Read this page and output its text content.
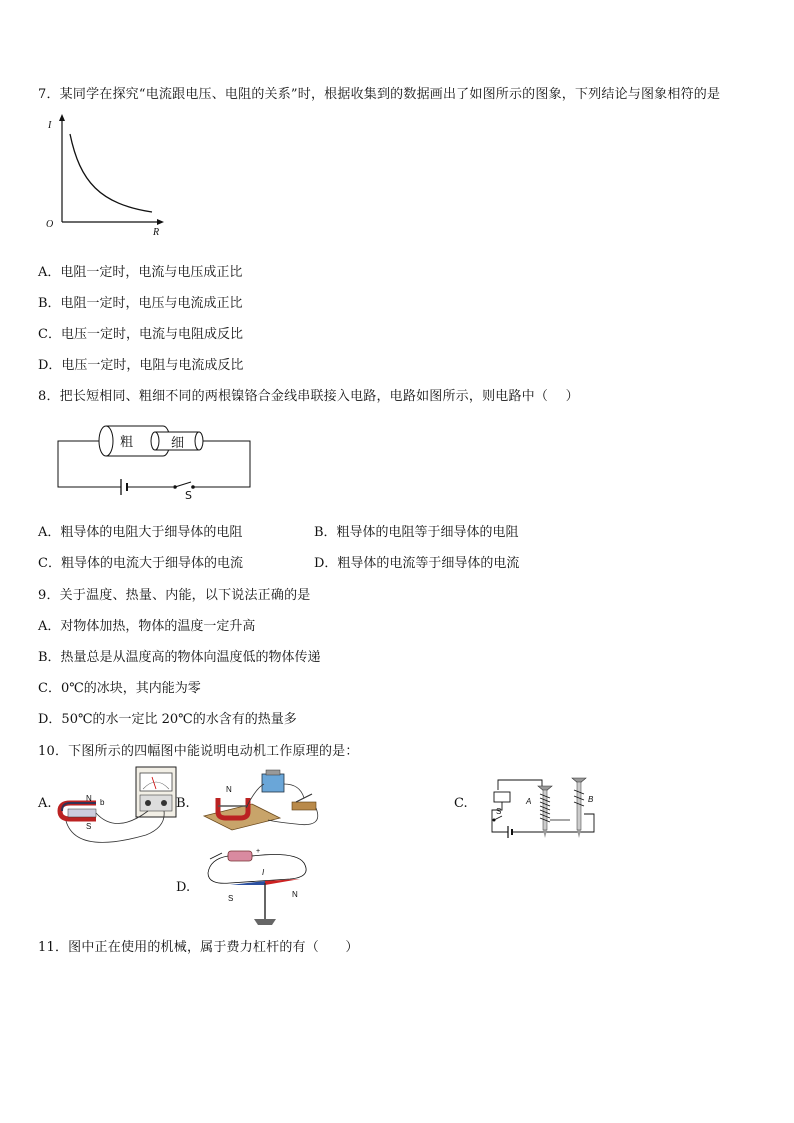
7．某同学在探究“电流跟电压、电阻的关系”时，根据收集到的数据画出了如图所示的图象，下列结论与图象相符的是
I
O
R
A．电阻一定时，电流与电压成正比
B．电阻一定时，电压与电流成正比
C．电压一定时，电流与电阻成反比
D．电压一定时，电阻与电流成反比
8．把长短相同、粗细不同的两根镍铬合金线串联接入电路，电路如图所示，则电路中（　 ）
粗	细
S
A．粗导体的电阻大于细导体的电阻	B．粗导体的电阻等于细导体的电阻
C．粗导体的电流大于细导体的电流	D．粗导体的电流等于细导体的电流
9．关于温度、热量、内能，以下说法正确的是
A．对物体加热，物体的温度一定升高
B．热量总是从温度高的物体向温度低的物体传递
C．0℃的冰块，其内能为零
D．50℃的水一定比 20℃的水含有的热量多
10．下图所示的四幅图中能说明电动机工作原理的是：
A.	N
S
b	B.
N
C.
S
A	B
D.
+
S	N
I
11．图中正在使用的机械，属于费力杠杆的有（　　）
